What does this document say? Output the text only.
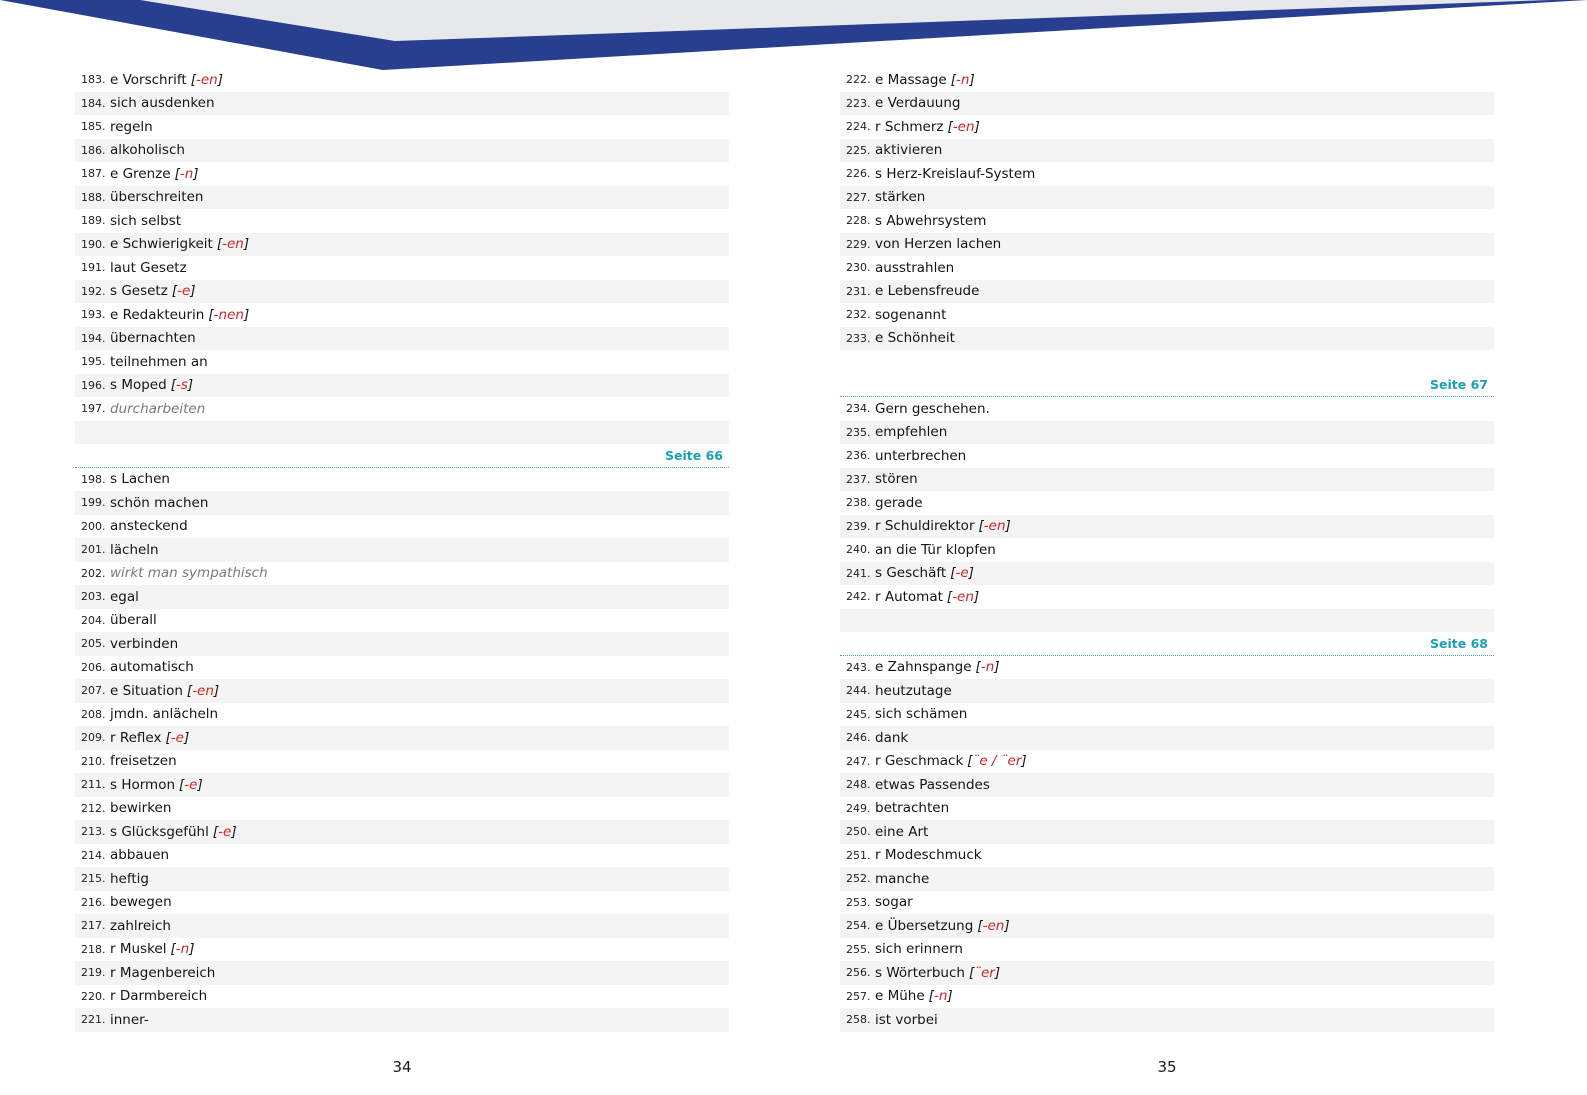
183. e Vorschrift [-en]
184. sich ausdenken
185. regeln
186. alkoholisch
187. e Grenze [-n]
188. überschreiten
189. sich selbst
190. e Schwierigkeit [-en]
191. laut Gesetz
192. s Gesetz [-e]
193. e Redakteurin [-nen]
194. übernachten
195. teilnehmen an
196. s Moped [-s]
197. durcharbeiten
Seite 66
198. s Lachen
199. schön machen
200. ansteckend
201. lächeln
202. wirkt man sympathisch
203. egal
204. überall
205. verbinden
206. automatisch
207. e Situation [-en]
208. jmdn. anlächeln
209. r Reflex [-e]
210. freisetzen
211. s Hormon [-e]
212. bewirken
213. s Glücksgefühl [-e]
214. abbauen
215. heftig
216. bewegen
217. zahlreich
218. r Muskel [-n]
219. r Magenbereich
220. r Darmbereich
221. inner-
222. e Massage [-n]
223. e Verdauung
224. r Schmerz [-en]
225. aktivieren
226. s Herz-Kreislauf-System
227. stärken
228. s Abwehrsystem
229. von Herzen lachen
230. ausstrahlen
231. e Lebensfreude
232. sogenannt
233. e Schönheit
Seite 67
234. Gern geschehen.
235. empfehlen
236. unterbrechen
237. stören
238. gerade
239. r Schuldirektor [-en]
240. an die Tür klopfen
241. s Geschäft [-e]
242. r Automat [-en]
Seite 68
243. e Zahnspange [-n]
244. heutzutage
245. sich schämen
246. dank
247. r Geschmack [¨e / ¨er]
248. etwas Passendes
249. betrachten
250. eine Art
251. r Modeschmuck
252. manche
253. sogar
254. e Übersetzung [-en]
255. sich erinnern
256. s Wörterbuch [¨er]
257. e Mühe [-n]
258. ist vorbei
34	35
